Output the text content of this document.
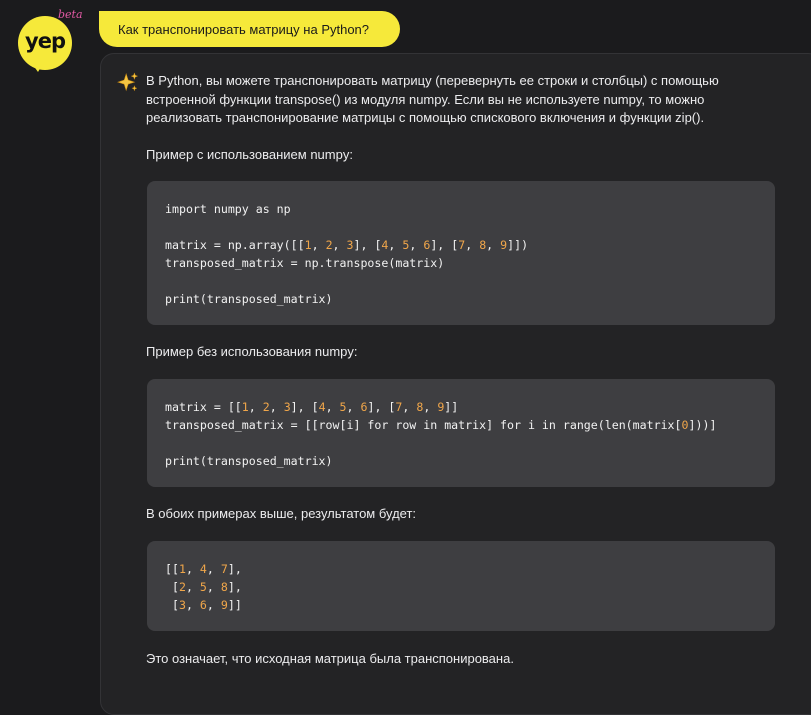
yep
beta
Как транспонировать матрицу на Python?
В Python, вы можете транспонировать матрицу (перевернуть ее строки и столбцы) с помощью встроенной функции transpose() из модуля numpy. Если вы не используете numpy, то можно реализовать транспонирование матрицы с помощью спискового включения и функции zip().
Пример с использованием numpy:
import numpy as np

matrix = np.array([[1, 2, 3], [4, 5, 6], [7, 8, 9]])
transposed_matrix = np.transpose(matrix)

print(transposed_matrix)
Пример без использования numpy:
matrix = [[1, 2, 3], [4, 5, 6], [7, 8, 9]]
transposed_matrix = [[row[i] for row in matrix] for i in range(len(matrix[0]))]

print(transposed_matrix)
В обоих примерах выше, результатом будет:
[[1, 4, 7],
[2, 5, 8],
[3, 6, 9]]
Это означает, что исходная матрица была транспонирована.
